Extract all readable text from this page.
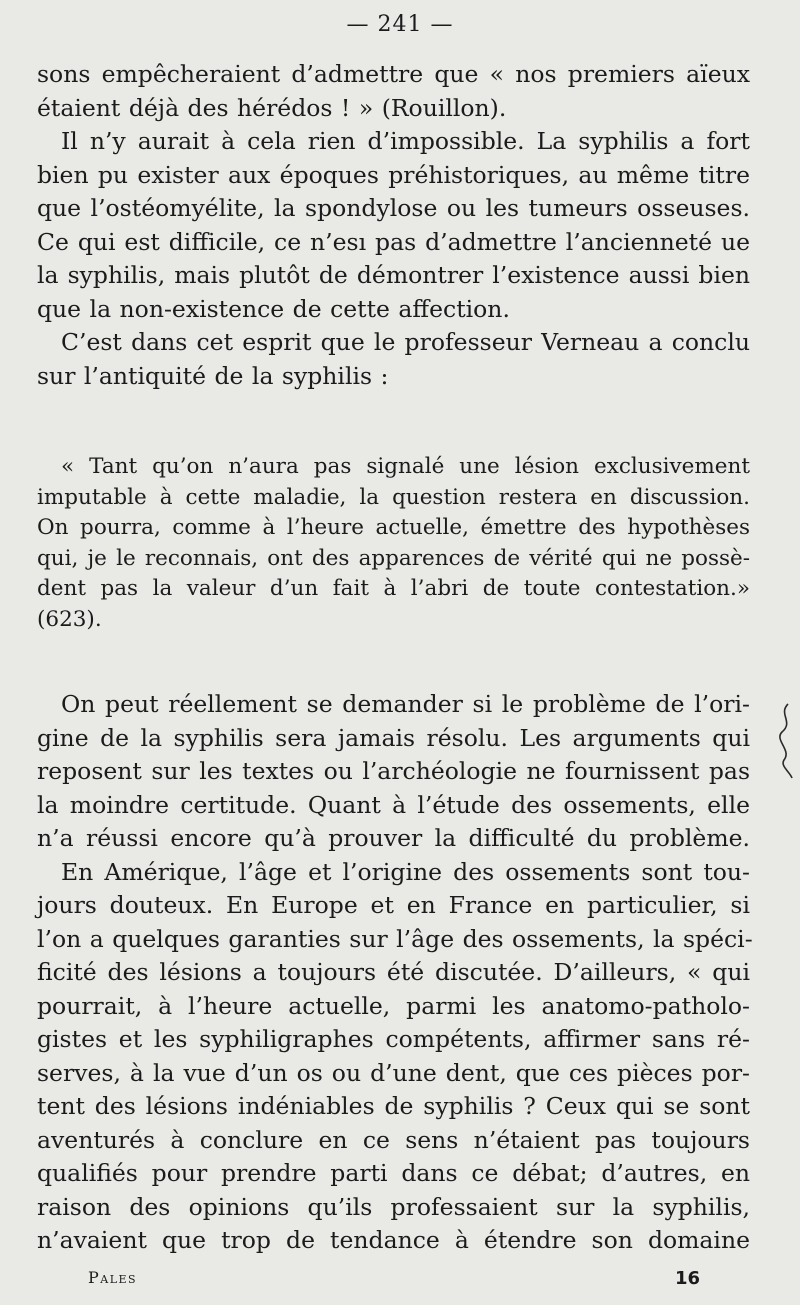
— 241 —
sons empêcheraient d’admettre que « nos premiers aïeux
étaient déjà des hérédos ! » (Rouillon).
Il n’y aurait à cela rien d’impossible. La syphilis a fort
bien pu exister aux époques préhistoriques, au même titre
que l’ostéomyélite, la spondylose ou les tumeurs osseuses.
Ce qui est difficile, ce n’esı pas d’admettre l’ancienneté ue
la syphilis, mais plutôt de démontrer l’existence aussi bien
que la non-existence de cette affection.
C’est dans cet esprit que le professeur Verneau a conclu
sur l’antiquité de la syphilis :
« Tant qu’on n’aura pas signalé une lésion exclusivement
imputable à cette maladie, la question restera en discussion.
On pourra, comme à l’heure actuelle, émettre des hypothèses
qui, je le reconnais, ont des apparences de vérité qui ne possè-
dent pas la valeur d’un fait à l’abri de toute contestation.»
(623).
On peut réellement se demander si le problème de l’ori-
gine de la syphilis sera jamais résolu. Les arguments qui
reposent sur les textes ou l’archéologie ne fournissent pas
la moindre certitude. Quant à l’étude des ossements, elle
n’a réussi encore qu’à prouver la difficulté du problème.
En Amérique, l’âge et l’origine des ossements sont tou-
jours douteux. En Europe et en France en particulier, si
l’on a quelques garanties sur l’âge des ossements, la spéci-
ficité des lésions a toujours été discutée. D’ailleurs, « qui
pourrait, à l’heure actuelle, parmi les anatomo-patholo-
gistes et les syphiligraphes compétents, affirmer sans ré-
serves, à la vue d’un os ou d’une dent, que ces pièces por-
tent des lésions indéniables de syphilis ? Ceux qui se sont
aventurés à conclure en ce sens n’étaient pas toujours
qualifiés pour prendre parti dans ce débat; d’autres, en
raison des opinions qu’ils professaient sur la syphilis,
n’avaient que trop de tendance à étendre son domaine
Pales	16
